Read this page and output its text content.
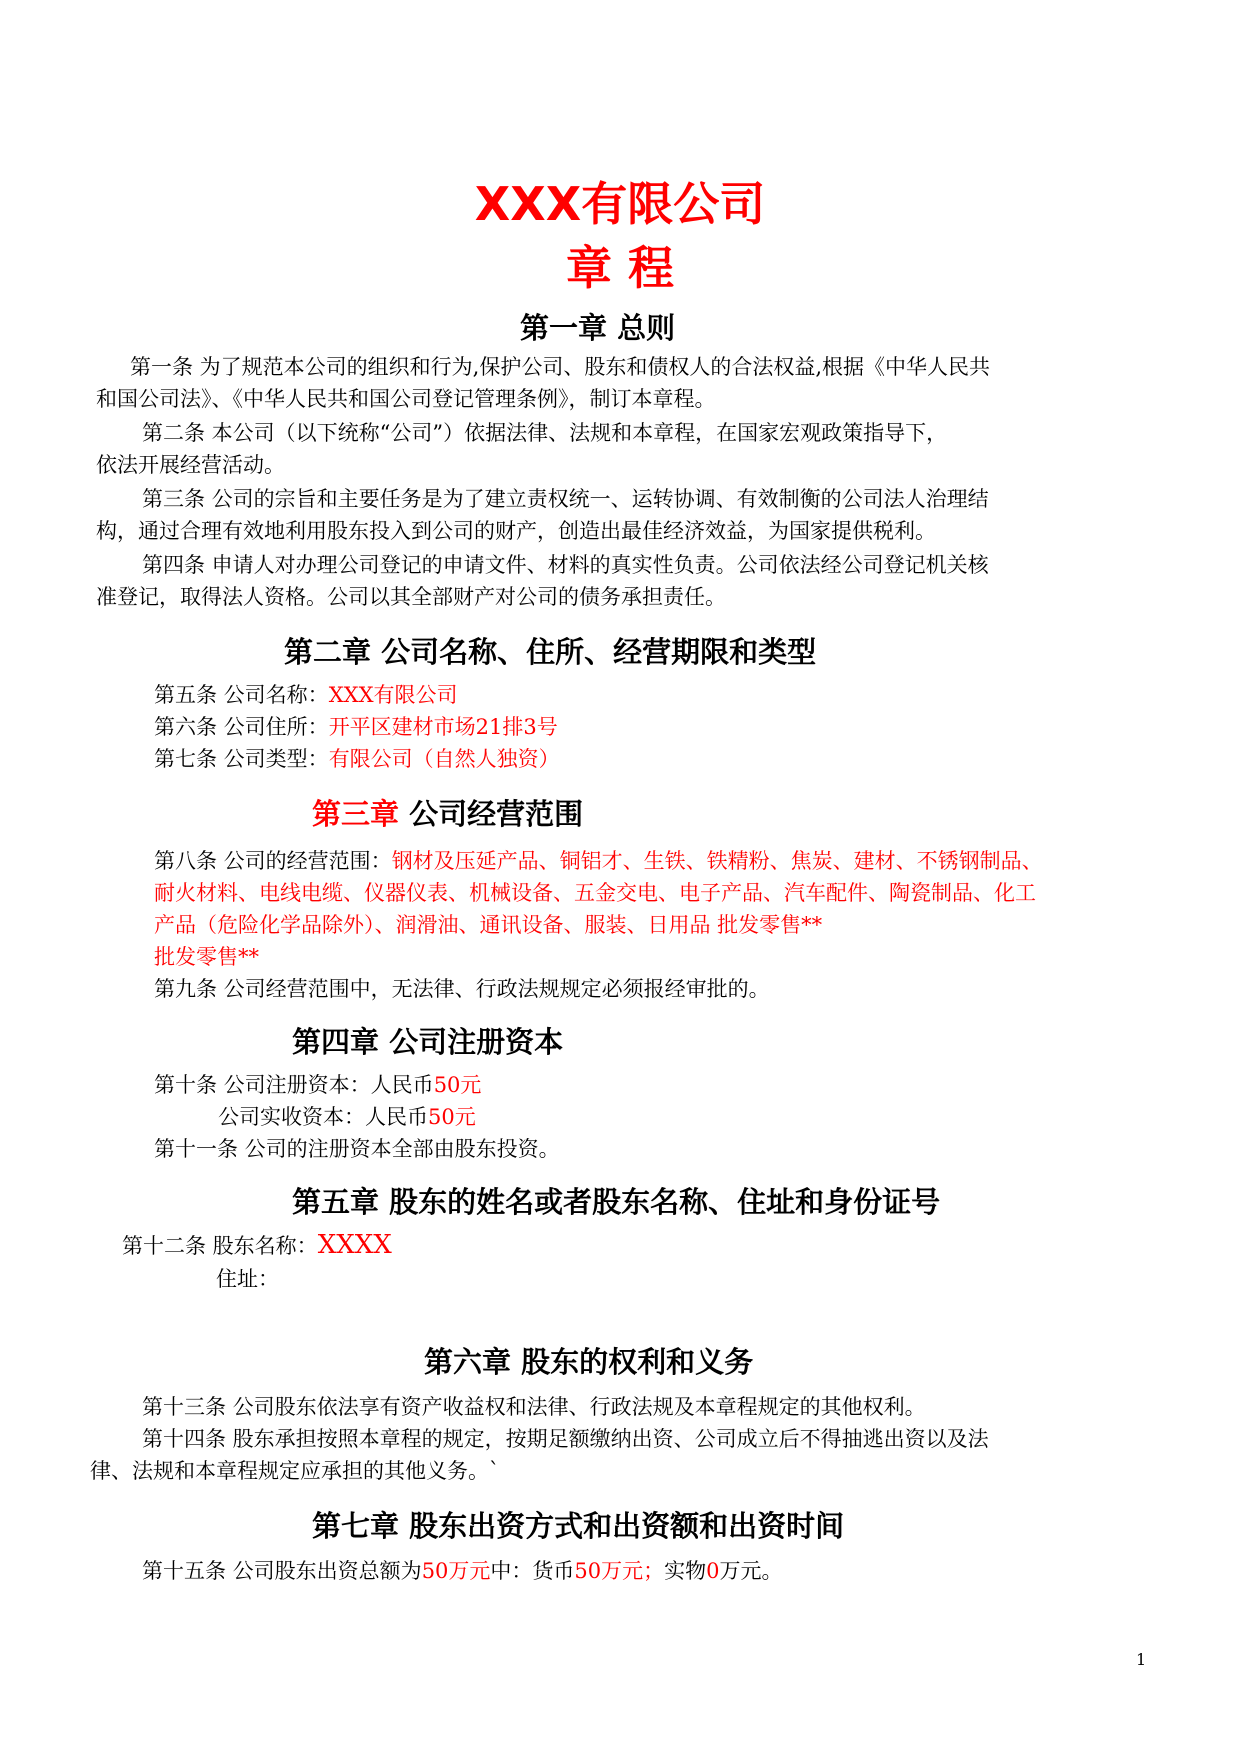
XXX有限公司
章 程
第一章 总则
第一条 为了规范本公司的组织和行为,保护公司、股东和债权人的合法权益,根据《中华人民共
和国公司法》、《中华人民共和国公司登记管理条例》，制订本章程。
第二条 本公司（以下统称“公司”）依据法律、法规和本章程，在国家宏观政策指导下，
依法开展经营活动。
第三条 公司的宗旨和主要任务是为了建立责权统一、运转协调、有效制衡的公司法人治理结
构，通过合理有效地利用股东投入到公司的财产，创造出最佳经济效益，为国家提供税利。
第四条 申请人对办理公司登记的申请文件、材料的真实性负责。公司依法经公司登记机关核
准登记，取得法人资格。公司以其全部财产对公司的债务承担责任。
第二章 公司名称、住所、经营期限和类型
第五条 公司名称：XXX有限公司
第六条 公司住所：开平区建材市场21排3号
第七条 公司类型：有限公司（自然人独资）
第三章 公司经营范围
第八条 公司的经营范围：钢材及压延产品、铜铝才、生铁、铁精粉、焦炭、建材、不锈钢制品、
耐火材料、电线电缆、仪器仪表、机械设备、五金交电、电子产品、汽车配件、陶瓷制品、化工
产品（危险化学品除外）、润滑油、通讯设备、服装、日用品 批发零售**
批发零售**
第九条 公司经营范围中，无法律、行政法规规定必须报经审批的。
第四章 公司注册资本
第十条 公司注册资本：人民币50元
公司实收资本：人民币50元
第十一条 公司的注册资本全部由股东投资。
第五章 股东的姓名或者股东名称、住址和身份证号
第十二条 股东名称：XXXX
住址：
第六章 股东的权利和义务
第十三条 公司股东依法享有资产收益权和法律、行政法规及本章程规定的其他权利。
第十四条 股东承担按照本章程的规定，按期足额缴纳出资、公司成立后不得抽逃出资以及法
律、法规和本章程规定应承担的其他义务。`
第七章 股东出资方式和出资额和出资时间
第十五条 公司股东出资总额为50万元中：货币50万元；实物0万元。
1
